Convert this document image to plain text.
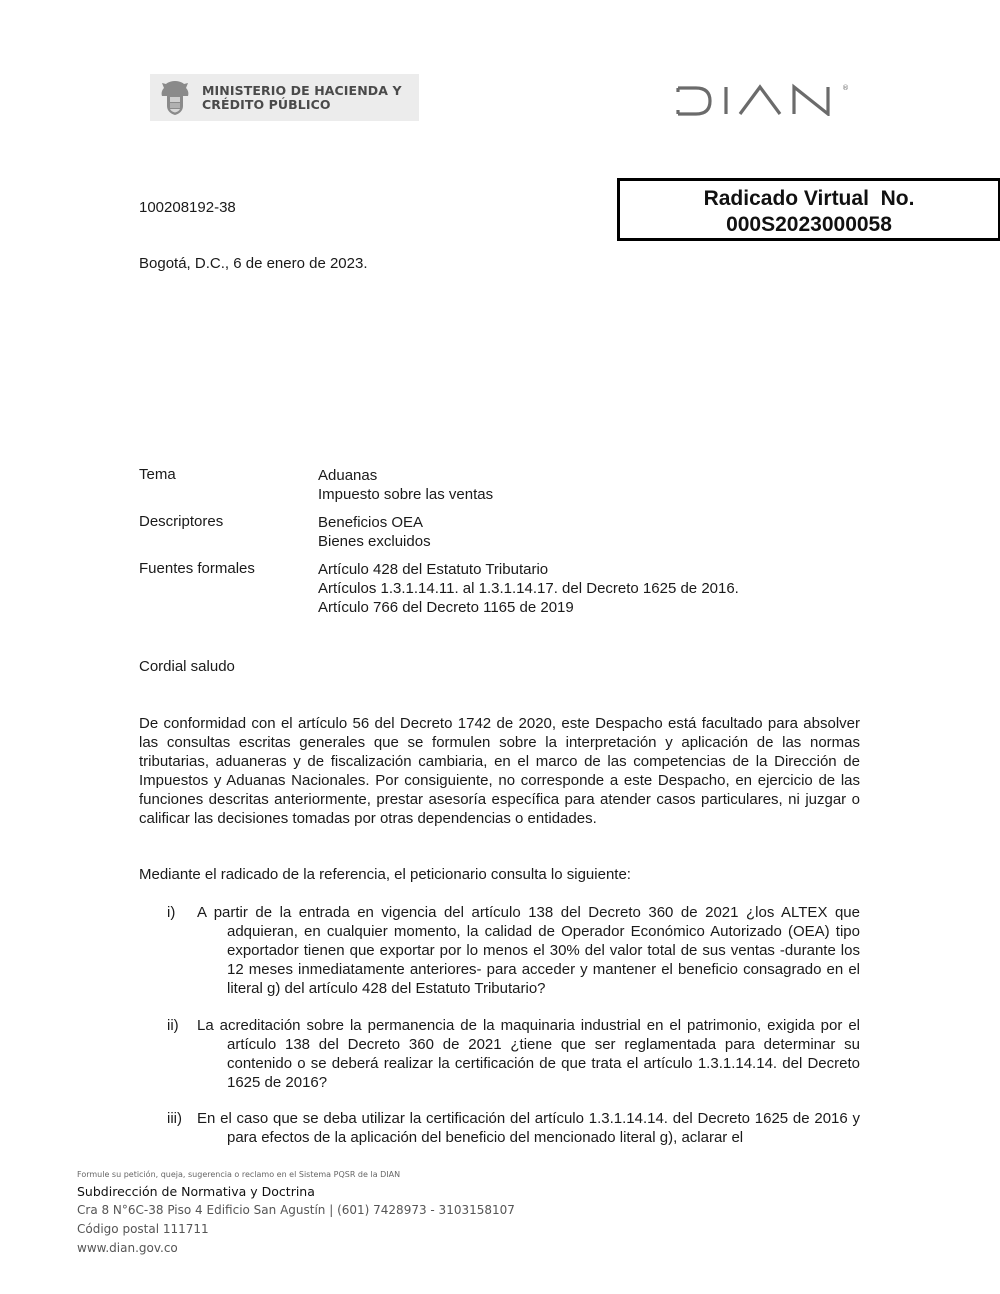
MINISTERIO DE HACIENDA Y
CRÉDITO PÚBLICO
®
100208192-38	Radicado Virtual  No.
000S2023000058
Bogotá, D.C., 6 de enero de 2023.
Tema	Aduanas
Impuesto sobre las ventas
Descriptores	Beneficios OEA
Bienes excluidos
Fuentes formales	Artículo 428 del Estatuto Tributario
Artículos 1.3.1.14.11. al 1.3.1.14.17. del Decreto 1625 de 2016.
Artículo 766 del Decreto 1165 de 2019
Cordial saludo
De conformidad con el artículo 56 del Decreto 1742 de 2020, este Despacho está facultado para absolver las consultas escritas generales que se formulen sobre la interpretación y aplicación de las normas tributarias, aduaneras y de fiscalización cambiaria, en el marco de las competencias de la Dirección de Impuestos y Aduanas Nacionales. Por consiguiente, no corresponde a este Despacho, en ejercicio de las funciones descritas anteriormente, prestar asesoría específica para atender casos particulares, ni juzgar o calificar las decisiones tomadas por otras dependencias o entidades.
Mediante el radicado de la referencia, el peticionario consulta lo siguiente:
i) A partir de la entrada en vigencia del artículo 138 del Decreto 360 de 2021 ¿los ALTEX que adquieran, en cualquier momento, la calidad de Operador Económico Autorizado (OEA) tipo exportador tienen que exportar por lo menos el 30% del valor total de sus ventas -durante los 12 meses inmediatamente anteriores- para acceder y mantener el beneficio consagrado en el literal g) del artículo 428 del Estatuto Tributario?
ii) La acreditación sobre la permanencia de la maquinaria industrial en el patrimonio, exigida por el artículo 138 del Decreto 360 de 2021 ¿tiene que ser reglamentada para determinar su contenido o se deberá realizar la certificación de que trata el artículo 1.3.1.14.14. del Decreto 1625 de 2016?
iii) En el caso que se deba utilizar la certificación del artículo 1.3.1.14.14. del Decreto 1625 de 2016 y para efectos de la aplicación del beneficio del mencionado literal g), aclarar el
Formule su petición, queja, sugerencia o reclamo en el Sistema PQSR de la DIAN
Subdirección de Normativa y Doctrina
Cra 8 N°6C-38 Piso 4 Edificio San Agustín | (601) 7428973 - 3103158107
Código postal 111711
www.dian.gov.co
